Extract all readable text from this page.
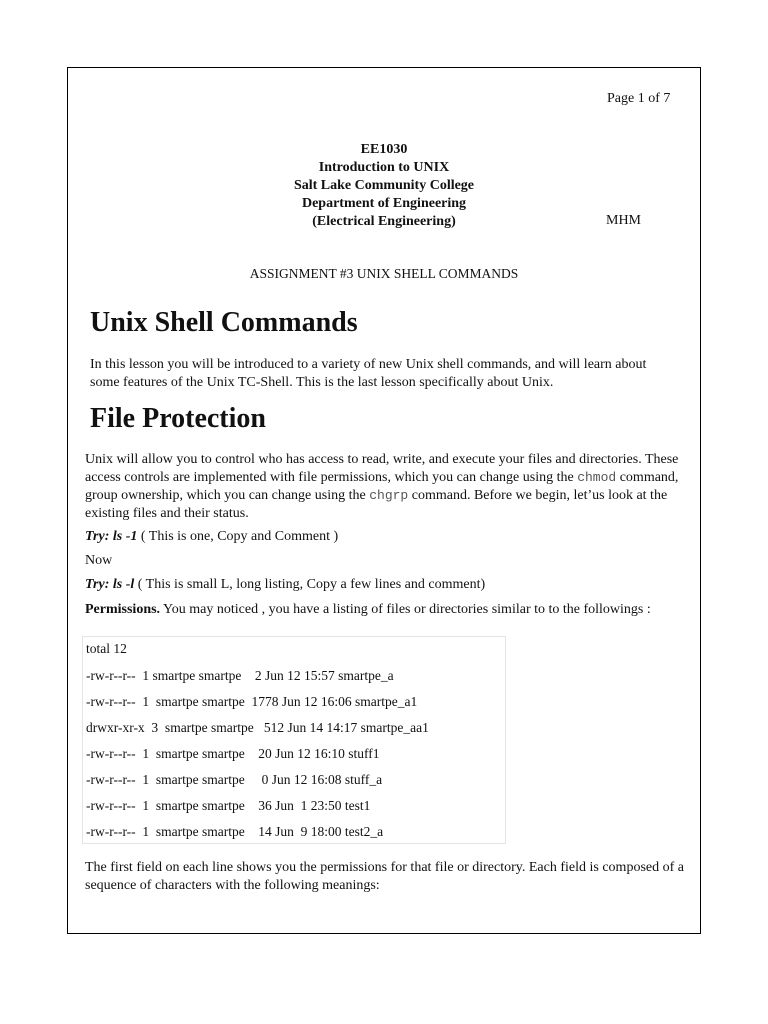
Page 1 of 7
EE1030
Introduction to UNIX
Salt Lake Community College
Department of Engineering
(Electrical Engineering)	MHM
ASSIGNMENT #3 UNIX SHELL COMMANDS
Unix Shell Commands
In this lesson you will be introduced to a variety of new Unix shell commands, and will learn about some features of the Unix TC-Shell. This is the last lesson specifically about Unix.
File Protection
Unix will allow you to control who has access to read, write, and execute your files and directories. These access controls are implemented with file permissions, which you can change using the chmod command, group ownership, which you can change using the chgrp command. Before we begin, let’us look at the existing files and their status.
Try: ls -1 ( This is one, Copy and Comment )
Now
Try: ls -l ( This is small L, long listing, Copy a few lines and comment)
Permissions. You may noticed , you have a listing of files or directories similar to to the followings :
total 12
-rw-r--r--  1 smartpe smartpe    2 Jun 12 15:57 smartpe_a
-rw-r--r--  1  smartpe smartpe  1778 Jun 12 16:06 smartpe_a1
drwxr-xr-x  3  smartpe smartpe   512 Jun 14 14:17 smartpe_aa1
-rw-r--r--  1  smartpe smartpe    20 Jun 12 16:10 stuff1
-rw-r--r--  1  smartpe smartpe     0 Jun 12 16:08 stuff_a
-rw-r--r--  1  smartpe smartpe    36 Jun  1 23:50 test1
-rw-r--r--  1  smartpe smartpe    14 Jun  9 18:00 test2_a
The first field on each line shows you the permissions for that file or directory. Each field is composed of a sequence of characters with the following meanings:
